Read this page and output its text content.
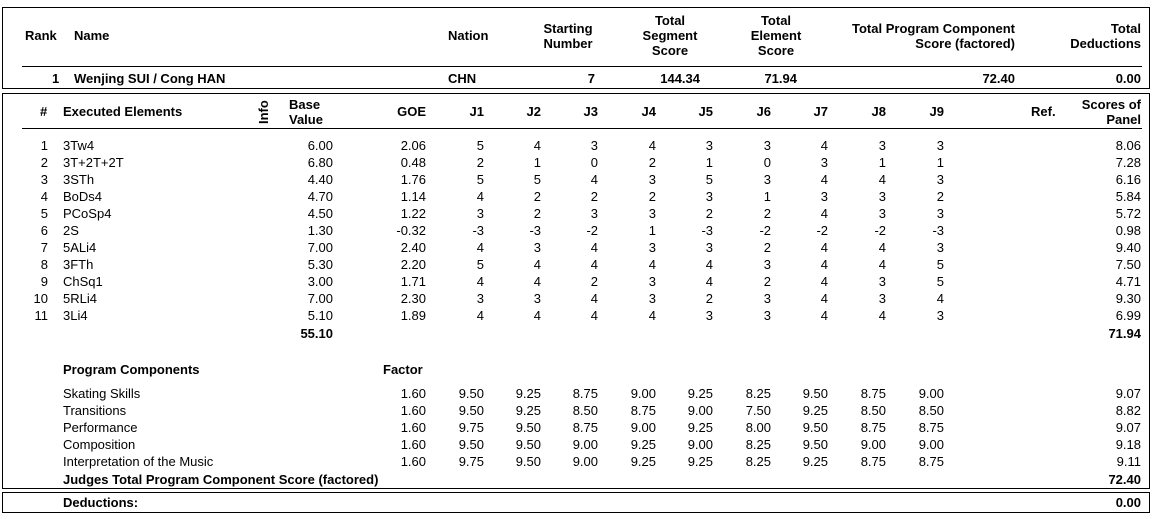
Rank Name	Nation	Starting
Number
Total
Segment
Score
Total
Element
Score
Total Program Component
Score (factored)
Total
Deductions
1 Wenjing SUI / Cong HAN	CHN	7	144.34	71.94	72.40	0.00
# Executed Elements	Info Base
Value
GOE	J1	J2	J3	J4	J5	J6	J7	J8	J9	Ref.	Scores of
Panel
1 3Tw4	6.00	2.06	5	4	3	4	3	3	4	3	3	8.06
2 3T+2T+2T	6.80	0.48	2	1	0	2	1	0	3	1	1	7.28
3 3STh	4.40	1.76	5	5	4	3	5	3	4	4	3	6.16
4 BoDs4	4.70	1.14	4	2	2	2	3	1	3	3	2	5.84
5 PCoSp4	4.50	1.22	3	2	3	3	2	2	4	3	3	5.72
6 2S	1.30	-0.32	-3	-3	-2	1	-3	-2	-2	-2	-3	0.98
7 5ALi4	7.00	2.40	4	3	4	3	3	2	4	4	3	9.40
8 3FTh	5.30	2.20	5	4	4	4	4	3	4	4	5	7.50
9 ChSq1	3.00	1.71	4	4	2	3	4	2	4	3	5	4.71
10 5RLi4	7.00	2.30	3	3	4	3	2	3	4	3	4	9.30
11 3Li4	5.10	1.89	4	4	4	4	3	3	4	4	3	6.99
55.10	71.94
Program Components	Factor
Skating Skills	1.60	9.50	9.25	8.75	9.00	9.25	8.25	9.50	8.75	9.00	9.07
Transitions	1.60	9.50	9.25	8.50	8.75	9.00	7.50	9.25	8.50	8.50	8.82
Performance	1.60	9.75	9.50	8.75	9.00	9.25	8.00	9.50	8.75	8.75	9.07
Composition	1.60	9.50	9.50	9.00	9.25	9.00	8.25	9.50	9.00	9.00	9.18
Interpretation of the Music	1.60	9.75	9.50	9.00	9.25	9.25	8.25	9.25	8.75	8.75	9.11
Judges Total Program Component Score (factored)	72.40
Deductions:	0.00
